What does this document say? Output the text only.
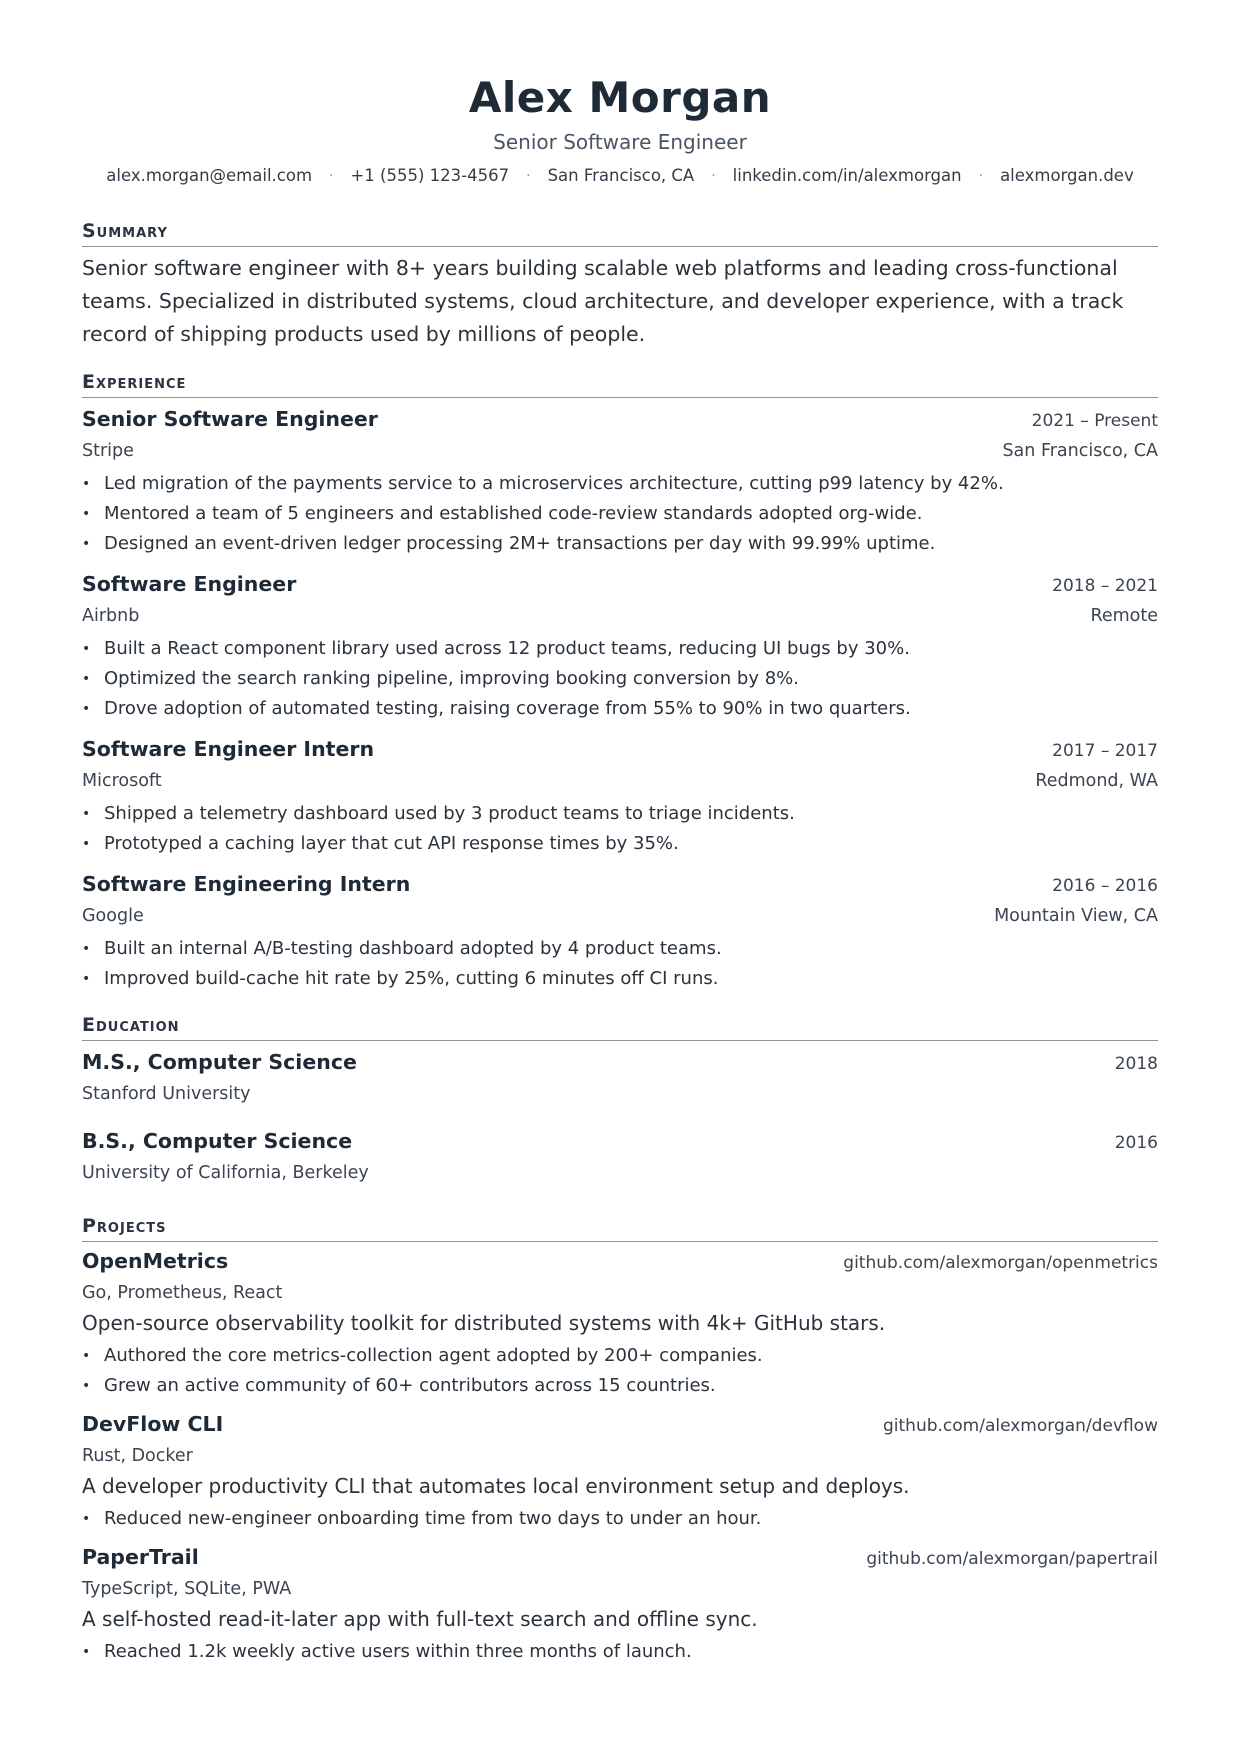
Alex Morgan
Senior Software Engineer
alex.morgan@email.com · +1 (555) 123-4567 · San Francisco, CA · linkedin.com/in/alexmorgan · alexmorgan.dev
Summary
Senior software engineer with 8+ years building scalable web platforms and leading cross-functional teams. Specialized in distributed systems, cloud architecture, and developer experience, with a track record of shipping products used by millions of people.
Experience
Senior Software Engineer	2021 – Present
Stripe	San Francisco, CA
• Led migration of the payments service to a microservices architecture, cutting p99 latency by 42%.
• Mentored a team of 5 engineers and established code-review standards adopted org-wide.
• Designed an event-driven ledger processing 2M+ transactions per day with 99.99% uptime.
Software Engineer	2018 – 2021
Airbnb	Remote
• Built a React component library used across 12 product teams, reducing UI bugs by 30%.
• Optimized the search ranking pipeline, improving booking conversion by 8%.
• Drove adoption of automated testing, raising coverage from 55% to 90% in two quarters.
Software Engineer Intern	2017 – 2017
Microsoft	Redmond, WA
• Shipped a telemetry dashboard used by 3 product teams to triage incidents.
• Prototyped a caching layer that cut API response times by 35%.
Software Engineering Intern	2016 – 2016
Google	Mountain View, CA
• Built an internal A/B-testing dashboard adopted by 4 product teams.
• Improved build-cache hit rate by 25%, cutting 6 minutes off CI runs.
Education
M.S., Computer Science	2018
Stanford University
B.S., Computer Science	2016
University of California, Berkeley
Projects
OpenMetrics	github.com/alexmorgan/openmetrics
Go, Prometheus, React
Open-source observability toolkit for distributed systems with 4k+ GitHub stars.
• Authored the core metrics-collection agent adopted by 200+ companies.
• Grew an active community of 60+ contributors across 15 countries.
DevFlow CLI	github.com/alexmorgan/devflow
Rust, Docker
A developer productivity CLI that automates local environment setup and deploys.
• Reduced new-engineer onboarding time from two days to under an hour.
PaperTrail	github.com/alexmorgan/papertrail
TypeScript, SQLite, PWA
A self-hosted read-it-later app with full-text search and offline sync.
• Reached 1.2k weekly active users within three months of launch.
